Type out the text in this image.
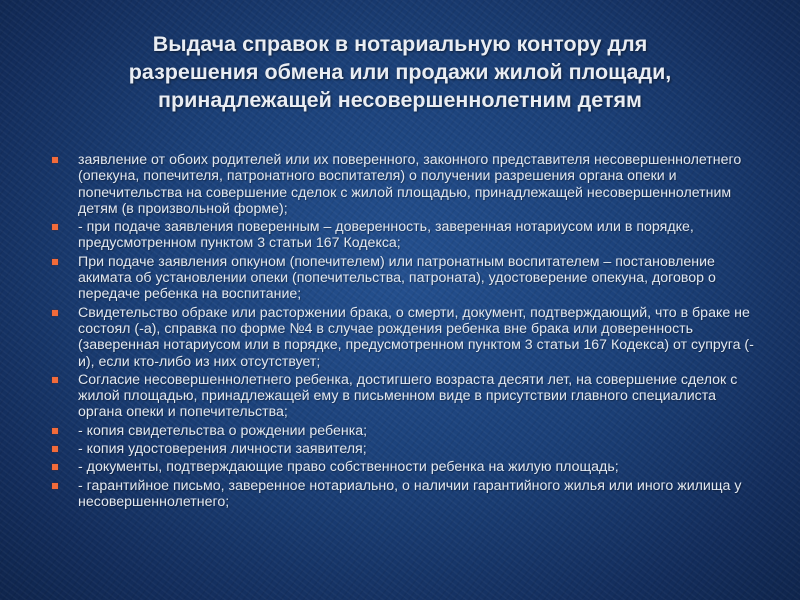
Выдача справок в нотариальную контору для
разрешения обмена или продажи жилой площади,
принадлежащей несовершеннолетним детям
заявление от обоих родителей или их поверенного, законного представителя несовершеннолетнего (опекуна, попечителя, патронатного воспитателя) о получении разрешения органа опеки и попечительства на совершение сделок с жилой площадью, принадлежащей несовершеннолетним детям (в произвольной форме);
- при подаче заявления поверенным – доверенность, заверенная нотариусом или в порядке, предусмотренном пунктом 3 статьи 167 Кодекса;
При подаче заявления опкуном (попечителем) или патронатным воспитателем – постановление акимата об установлении опеки (попечительства, патроната), удостоверение опекуна, договор о передаче ребенка на воспитание;
Свидетельство обраке или расторжении брака, о смерти, документ, подтверждающий, что в браке не состоял (-а), справка по форме №4 в случае рождения ребенка вне брака или доверенность (заверенная нотариусом или в порядке, предусмотренном пунктом 3 статьи 167 Кодекса) от супруга (-и), если кто-либо из них отсутствует;
Согласие несовершеннолетнего ребенка, достигшего возраста десяти лет, на совершение сделок с жилой площадью, принадлежащей ему в письменном виде в присутствии главного специалиста органа опеки и попечительства;
- копия свидетельства о рождении ребенка;
- копия удостоверения личности заявителя;
- документы, подтверждающие право собственности ребенка на жилую площадь;
- гарантийное письмо, заверенное нотариально, о наличии гарантийного жилья или иного жилища у несовершеннолетнего;
